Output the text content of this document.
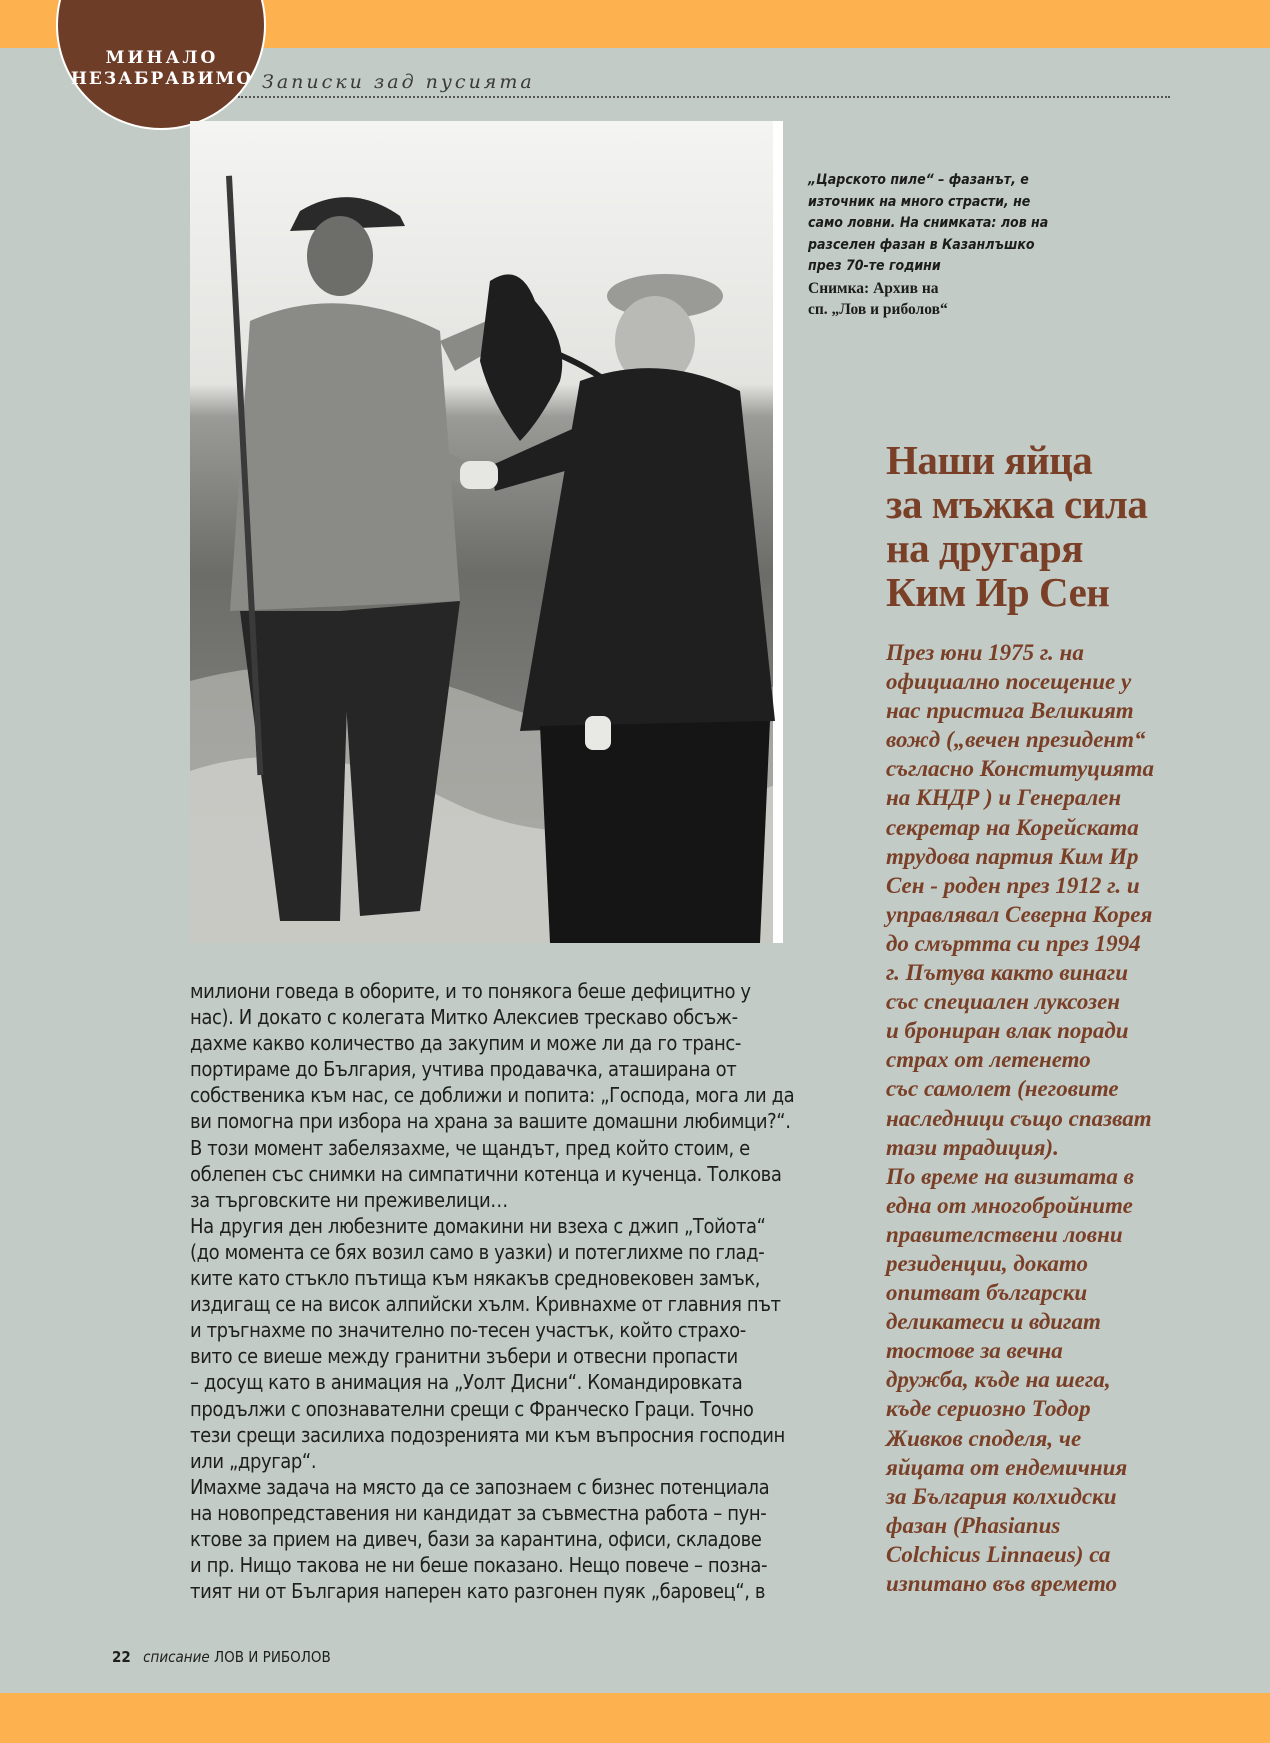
МИНАЛО
НЕЗАБРАВИМО Записки зад пусията
„Царското пиле“ – фазанът, е източник на много страсти, не само ловни. На снимката: лов на разселен фазан в Казанлъшко през 70-те години
Снимка: Архив на
сп. „Лов и риболов“
Наши яйца
за мъжка сила
на другаря
Ким Ир Сен
През юни 1975 г. на
официално посещение у
нас пристига Великият
вожд („вечен президент“
съгласно Конституцията
на КНДР ) и Генерален
секретар на Корейската
трудова партия Ким Ир
Сен - роден през 1912 г. и
управлявал Северна Корея
до смъртта си през 1994
г. Пътува както винаги
със специален луксозен
и брониран влак поради
страх от летенето
със самолет (неговите
наследници също спазват
тази традиция).
По време на визитата в
една от многобройните
правителствени ловни
резиденции, докато
опитват български
деликатеси и вдигат
тостове за вечна
дружба, къде на шега,
къде сериозно Тодор
Живков споделя, че
яйцата от ендемичния
за България колхидски
фазан (Phasianus
Colchicus Linnaeus) са
изпитано във времето
милиони говеда в оборите, и то понякога беше дефицитно у
нас). И докато с колегата Митко Алексиев трескаво обсъж-
дахме какво количество да закупим и може ли да го транс-
портираме до България, учтива продавачка, аташирана от
собственика към нас, се доближи и попита: „Господа, мога ли да
ви помогна при избора на храна за вашите домашни любимци?“.
В този момент забелязахме, че щандът, пред който стоим, е
облепен със снимки на симпатични котенца и кученца. Толкова
за търговските ни преживелици…
На другия ден любезните домакини ни взеха с джип „Тойота“
(до момента се бях возил само в уазки) и потеглихме по глад-
ките като стъкло пътища към някакъв средновековен замък,
издигащ се на висок алпийски хълм. Кривнахме от главния път
и тръгнахме по значително по-тесен участък, който страхо-
вито се виеше между гранитни зъбери и отвесни пропасти
– досущ като в анимация на „Уолт Дисни“. Командировката
продължи с опознавателни срещи с Франческо Граци. Точно
тези срещи засилиха подозренията ми към въпросния господин
или „другар“.
Имахме задача на място да се запознаем с бизнес потенциала
на новопредставения ни кандидат за съвместна работа – пун-
ктове за прием на дивеч, бази за карантина, офиси, складове
и пр. Нищо такова не ни беше показано. Нещо повече – позна-
тият ни от България наперен като разгонен пуяк „баровец“, в
22 списание ЛОВ И РИБОЛОВ
